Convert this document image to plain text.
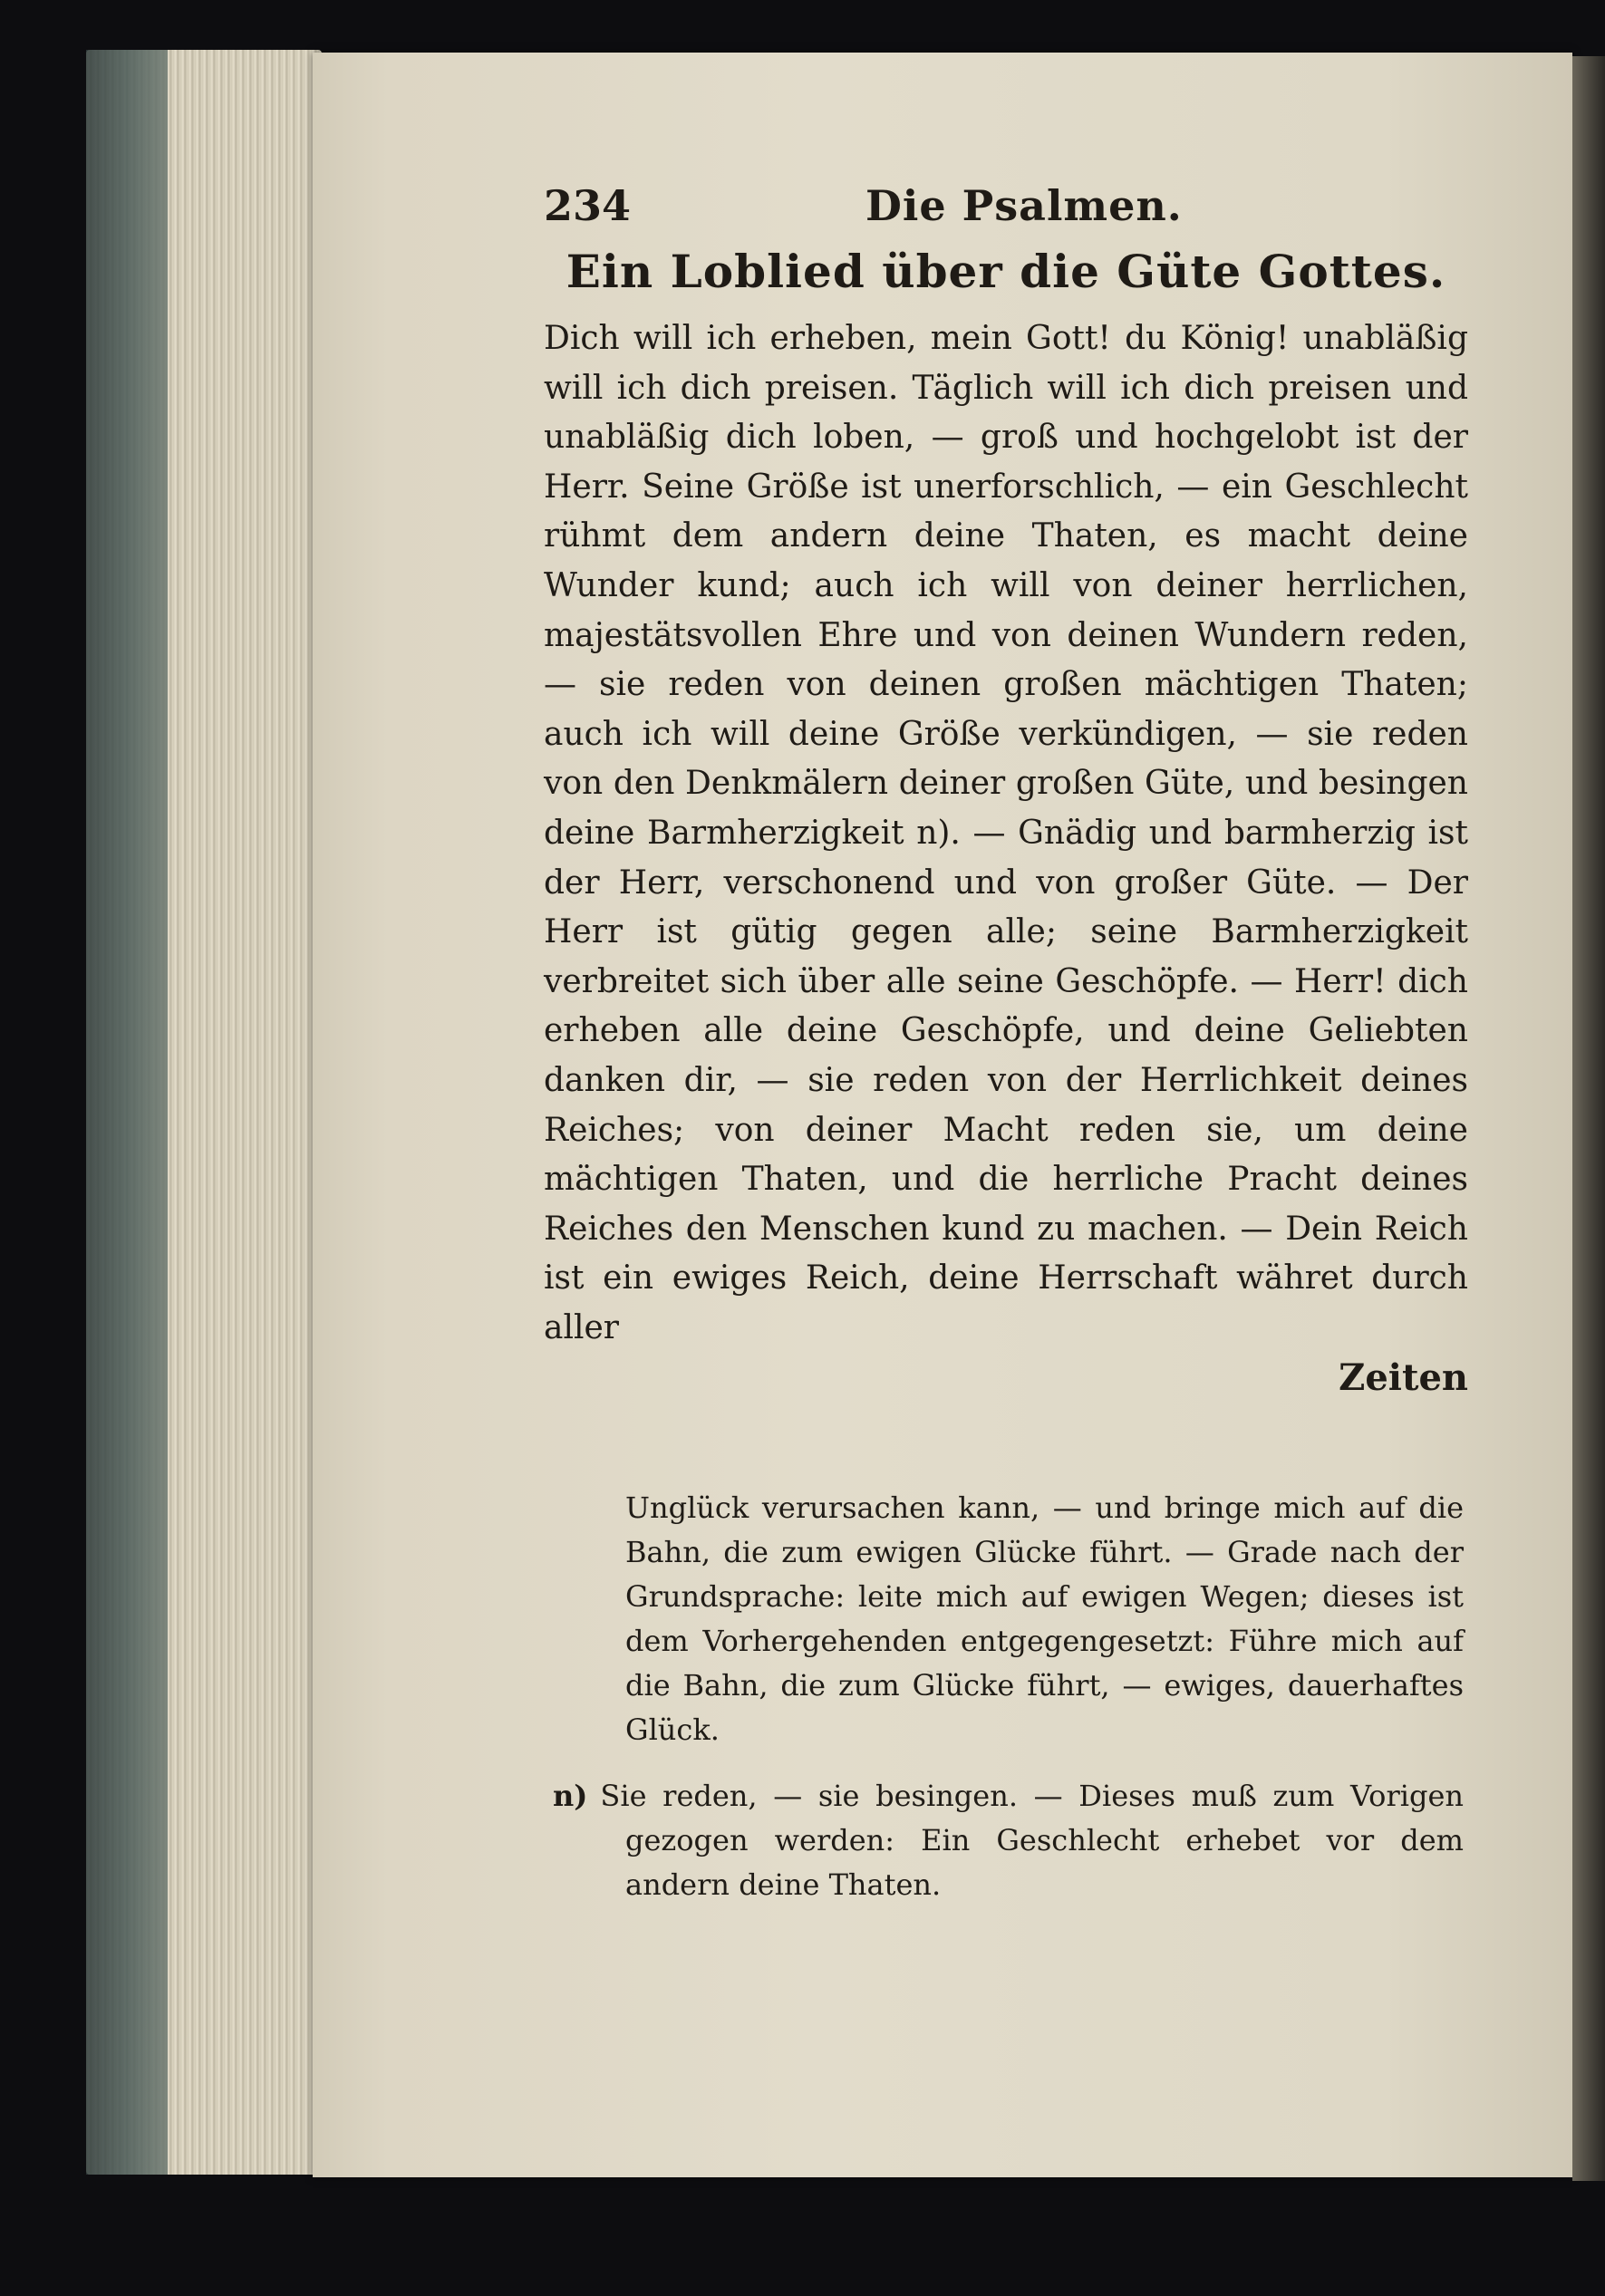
234	Die Psalmen.
Ein Loblied über die Güte Gottes.

Dich will ich erheben, mein Gott! du König! unabläßig will ich dich preisen. Täglich will ich dich preisen und unabläßig dich loben, — groß und hochgelobt ist der Herr. Seine Größe ist unerforschlich, — ein Geschlecht rühmt dem andern deine Thaten, es macht deine Wunder kund; auch ich will von deiner herrlichen, majestätsvollen Ehre und von deinen Wundern reden, — sie reden von deinen großen mächtigen Thaten; auch ich will deine Größe verkündigen, — sie reden von den Denkmälern deiner großen Güte, und besingen deine Barmherzigkeit n). — Gnädig und barmherzig ist der Herr, verschonend und von großer Güte. — Der Herr ist gütig gegen alle; seine Barmherzigkeit verbreitet sich über alle seine Geschöpfe. — Herr! dich erheben alle deine Geschöpfe, und deine Geliebten danken dir, — sie reden von der Herrlichkeit deines Reiches; von deiner Macht reden sie, um deine mächtigen Thaten, und die herrliche Pracht deines Reiches den Menschen kund zu machen. — Dein Reich ist ein ewiges Reich, deine Herrschaft währet durch aller

Zeiten

Unglück verursachen kann, — und bringe mich auf die Bahn, die zum ewigen Glücke führt. — Grade nach der Grundsprache: leite mich auf ewigen Wegen; dieses ist dem Vorhergehenden entgegengesetzt: Führe mich auf die Bahn, die zum Glücke führt, — ewiges, dauerhaftes Glück.

n) Sie reden, — sie besingen. — Dieses muß zum Vorigen gezogen werden: Ein Geschlecht erhebet vor dem andern deine Thaten.
